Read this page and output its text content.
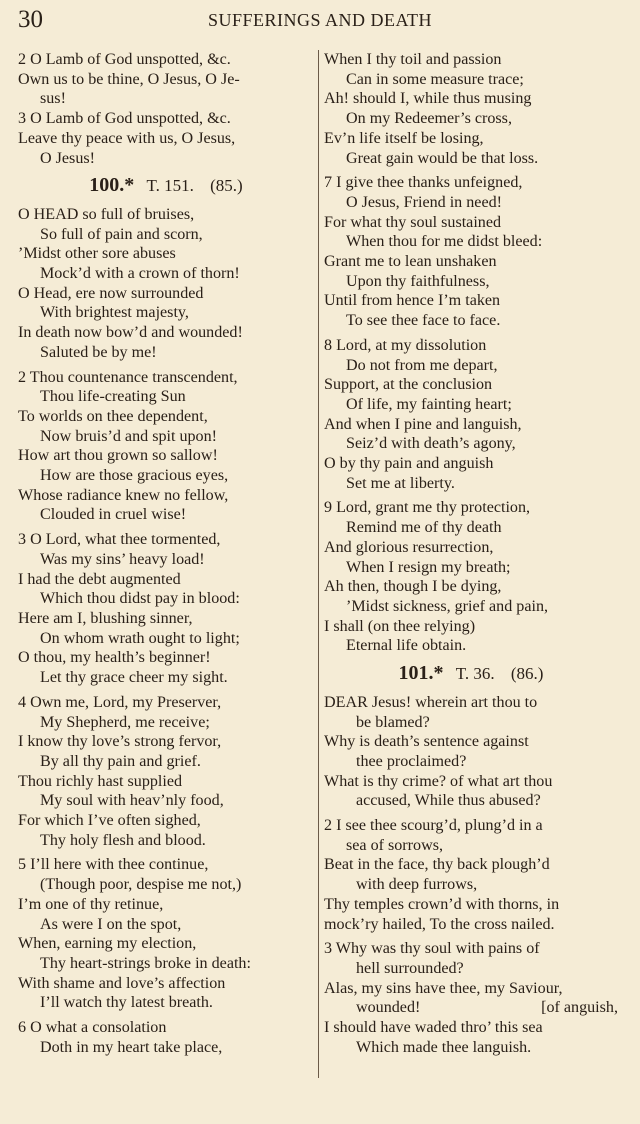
30	SUFFERINGS AND DEATH
2 O Lamb of God unspotted, &c.
Own us to be thine, O Jesus, O Je-
sus!
3 O Lamb of God unspotted, &c.
Leave thy peace with us, O Jesus,
O Jesus!
100.* T. 151. (85.)
O HEAD so full of bruises,
So full of pain and scorn,
’Midst other sore abuses
Mock’d with a crown of thorn!
O Head, ere now surrounded
With brightest majesty,
In death now bow’d and wounded!
Saluted be by me!
2 Thou countenance transcendent,
Thou life-creating Sun
To worlds on thee dependent,
Now bruis’d and spit upon!
How art thou grown so sallow!
How are those gracious eyes,
Whose radiance knew no fellow,
Clouded in cruel wise!
3 O Lord, what thee tormented,
Was my sins’ heavy load!
I had the debt augmented
Which thou didst pay in blood:
Here am I, blushing sinner,
On whom wrath ought to light;
O thou, my health’s beginner!
Let thy grace cheer my sight.
4 Own me, Lord, my Preserver,
My Shepherd, me receive;
I know thy love’s strong fervor,
By all thy pain and grief.
Thou richly hast supplied
My soul with heav’nly food,
For which I’ve often sighed,
Thy holy flesh and blood.
5 I’ll here with thee continue,
(Though poor, despise me not,)
I’m one of thy retinue,
As were I on the spot,
When, earning my election,
Thy heart-strings broke in death:
With shame and love’s affection
I’ll watch thy latest breath.
6 O what a consolation
Doth in my heart take place,
When I thy toil and passion
Can in some measure trace;
Ah! should I, while thus musing
On my Redeemer’s cross,
Ev’n life itself be losing,
Great gain would be that loss.
7 I give thee thanks unfeigned,
O Jesus, Friend in need!
For what thy soul sustained
When thou for me didst bleed:
Grant me to lean unshaken
Upon thy faithfulness,
Until from hence I’m taken
To see thee face to face.
8 Lord, at my dissolution
Do not from me depart,
Support, at the conclusion
Of life, my fainting heart;
And when I pine and languish,
Seiz’d with death’s agony,
O by thy pain and anguish
Set me at liberty.
9 Lord, grant me thy protection,
Remind me of thy death
And glorious resurrection,
When I resign my breath;
Ah then, though I be dying,
’Midst sickness, grief and pain,
I shall (on thee relying)
Eternal life obtain.
101.* T. 36. (86.)
DEAR Jesus! wherein art thou to
be blamed?
Why is death’s sentence against
thee proclaimed?
What is thy crime? of what art thou
accused, While thus abused?
2 I see thee scourg’d, plung’d in a
sea of sorrows,
Beat in the face, thy back plough’d
with deep furrows,
Thy temples crown’d with thorns, in
mock’ry hailed, To the cross nailed.
3 Why was thy soul with pains of
hell surrounded?
Alas, my sins have thee, my Saviour,
wounded!	[of anguish,
I should have waded thro’ this sea
Which made thee languish.
